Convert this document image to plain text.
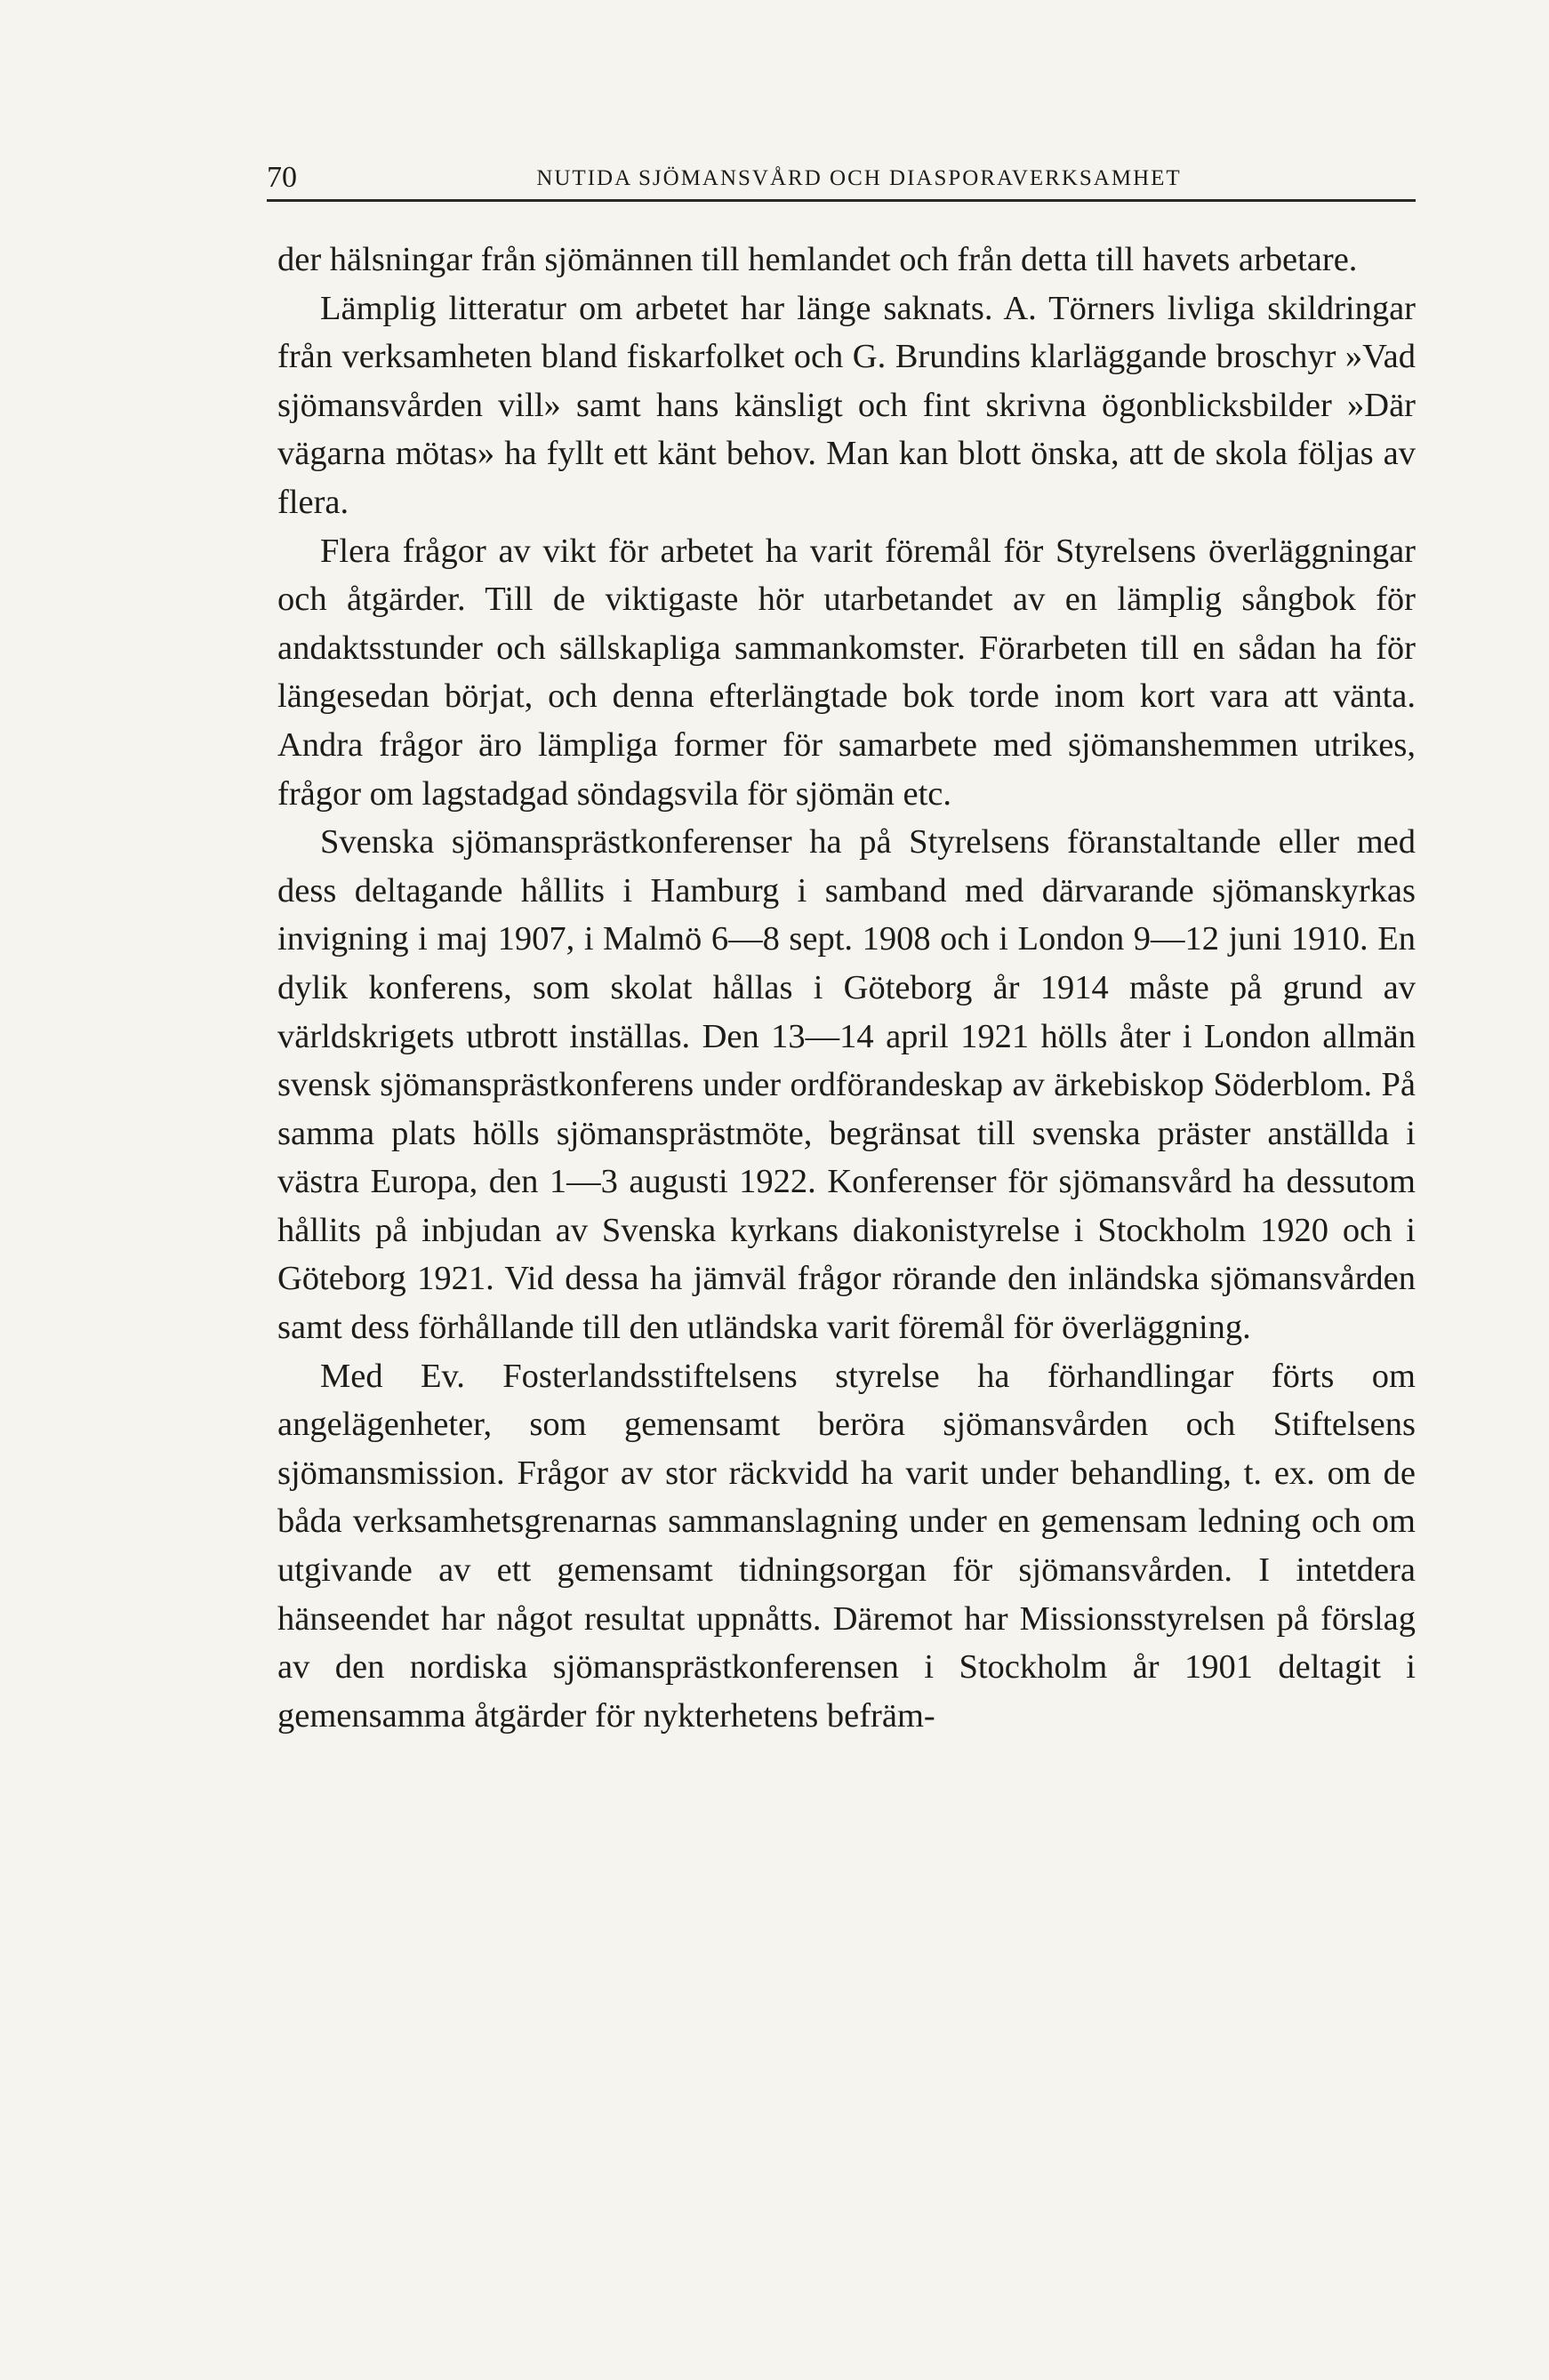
70	NUTIDA SJÖMANSVÅRD OCH DIASPORAVERKSAMHET

der hälsningar från sjömännen till hemlandet och från detta till havets arbetare.

Lämplig litteratur om arbetet har länge saknats. A. Törners livliga skildringar från verksamheten bland fiskarfolket och G. Brundins klarläggande broschyr »Vad sjömansvården vill» samt hans känsligt och fint skrivna ögonblicksbilder »Där vägarna mötas» ha fyllt ett känt behov. Man kan blott önska, att de skola följas av flera.

Flera frågor av vikt för arbetet ha varit föremål för Styrelsens överläggningar och åtgärder. Till de viktigaste hör utarbetandet av en lämplig sångbok för andaktsstunder och sällskapliga sammankomster. Förarbeten till en sådan ha för längesedan börjat, och denna efterlängtade bok torde inom kort vara att vänta. Andra frågor äro lämpliga former för samarbete med sjömanshemmen utrikes, frågor om lagstadgad söndagsvila för sjömän etc.

Svenska sjömansprästkonferenser ha på Styrelsens föranstaltande eller med dess deltagande hållits i Hamburg i samband med därvarande sjömanskyrkas invigning i maj 1907, i Malmö 6—8 sept. 1908 och i London 9—12 juni 1910. En dylik konferens, som skolat hållas i Göteborg år 1914 måste på grund av världskrigets utbrott inställas. Den 13—14 april 1921 hölls åter i London allmän svensk sjömansprästkonferens under ordförandeskap av ärkebiskop Söderblom. På samma plats hölls sjömansprästmöte, begränsat till svenska präster anställda i västra Europa, den 1—3 augusti 1922. Konferenser för sjömansvård ha dessutom hållits på inbjudan av Svenska kyrkans diakonistyrelse i Stockholm 1920 och i Göteborg 1921. Vid dessa ha jämväl frågor rörande den inländska sjömansvården samt dess förhållande till den utländska varit föremål för överläggning.

Med Ev. Fosterlandsstiftelsens styrelse ha förhandlingar förts om angelägenheter, som gemensamt beröra sjömansvården och Stiftelsens sjömansmission. Frågor av stor räckvidd ha varit under behandling, t. ex. om de båda verksamhetsgrenarnas sammanslagning under en gemensam ledning och om utgivande av ett gemensamt tidningsorgan för sjömansvården. I intetdera hänseendet har något resultat uppnåtts. Däremot har Missionsstyrelsen på förslag av den nordiska sjömansprästkonferensen i Stockholm år 1901 deltagit i gemensamma åtgärder för nykterhetens befräm-
